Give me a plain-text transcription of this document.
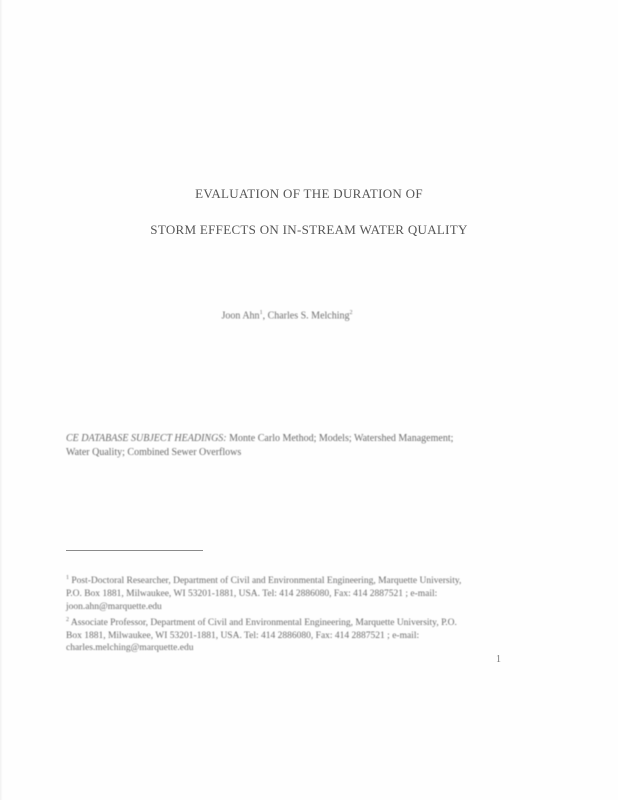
EVALUATION OF THE DURATION OF
STORM EFFECTS ON IN-STREAM WATER QUALITY
Joon Ahn$^1$, Charles S. Melching$^2$
CE DATABASE SUBJECT HEADINGS: Monte Carlo Method; Models; Watershed Management; Water Quality; Combined Sewer Overflows

$^1$ Post-Doctoral Researcher, Department of Civil and Environmental Engineering, Marquette University, P.O. Box 1881, Milwaukee, WI 53201-1881, USA. Tel: 414 2886080, Fax: 414 2887521 ; e-mail: joon.ahn@marquette.edu

$^2$ Associate Professor, Department of Civil and Environmental Engineering, Marquette University, P.O. Box 1881, Milwaukee, WI 53201-1881, USA. Tel: 414 2886080, Fax: 414 2887521 ; e-mail: charles.melching@marquette.edu

1
